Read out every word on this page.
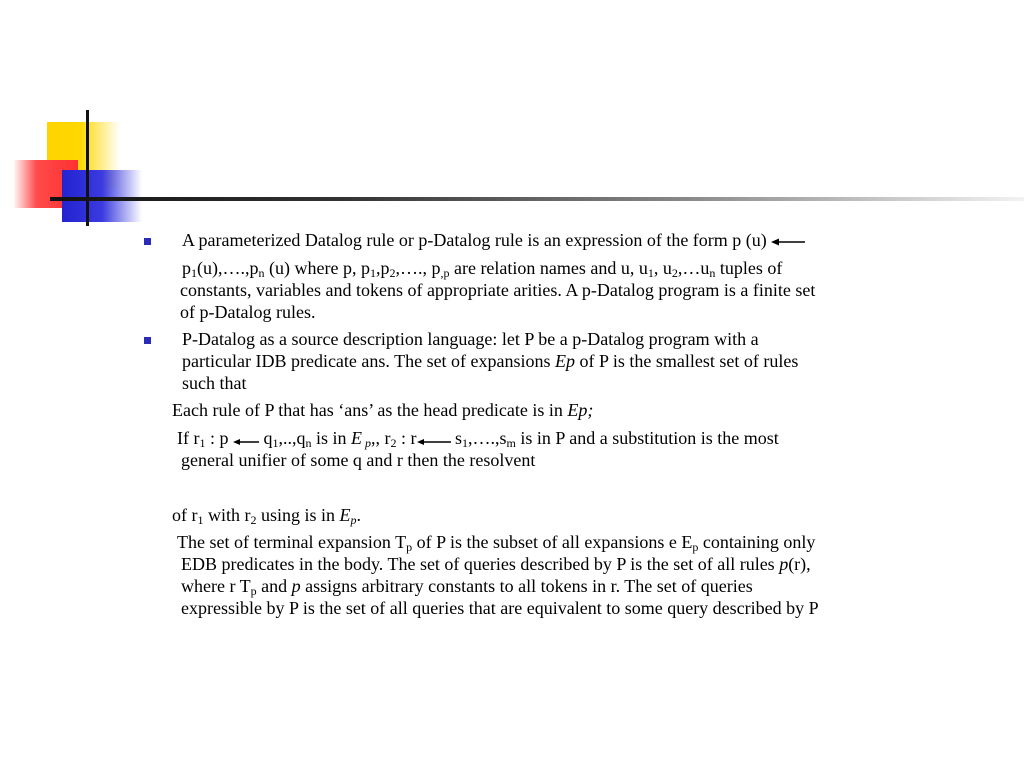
A parameterized Datalog rule or p-Datalog rule is an expression of the form p (u)
$p_1(u),\dots.,p_n$ (u) where p, $p_1,p_2,\dots$., $p_{,p}$ are relation names and u, $u_1$, $u_2,\dots u_n$ tuples of
constants, variables and tokens of appropriate arities. A p-Datalog program is a finite set
of p-Datalog rules.
P-Datalog as a source description language: let P be a p-Datalog program with a
particular IDB predicate ans. The set of expansions Ep of P is the smallest set of rules
such that
Each rule of P that has ‘ans’ as the head predicate is in Ep;
If $r_1$ : p  $q_1,..,q_n$ is in E $_p$,, $r_2$ : r $s_1,\dots.,s_m$ is in P and a substitution is the most
general unifier of some q and r then the resolvent
of $r_1$ with $r_2$ using is in $E_p$.
The set of terminal expansion $T_p$ of P is the subset of all expansions e $E_p$ containing only
EDB predicates in the body. The set of queries described by P is the set of all rules p(r),
where r $T_p$ and p assigns arbitrary constants to all tokens in r. The set of queries
expressible by P is the set of all queries that are equivalent to some query described by P
